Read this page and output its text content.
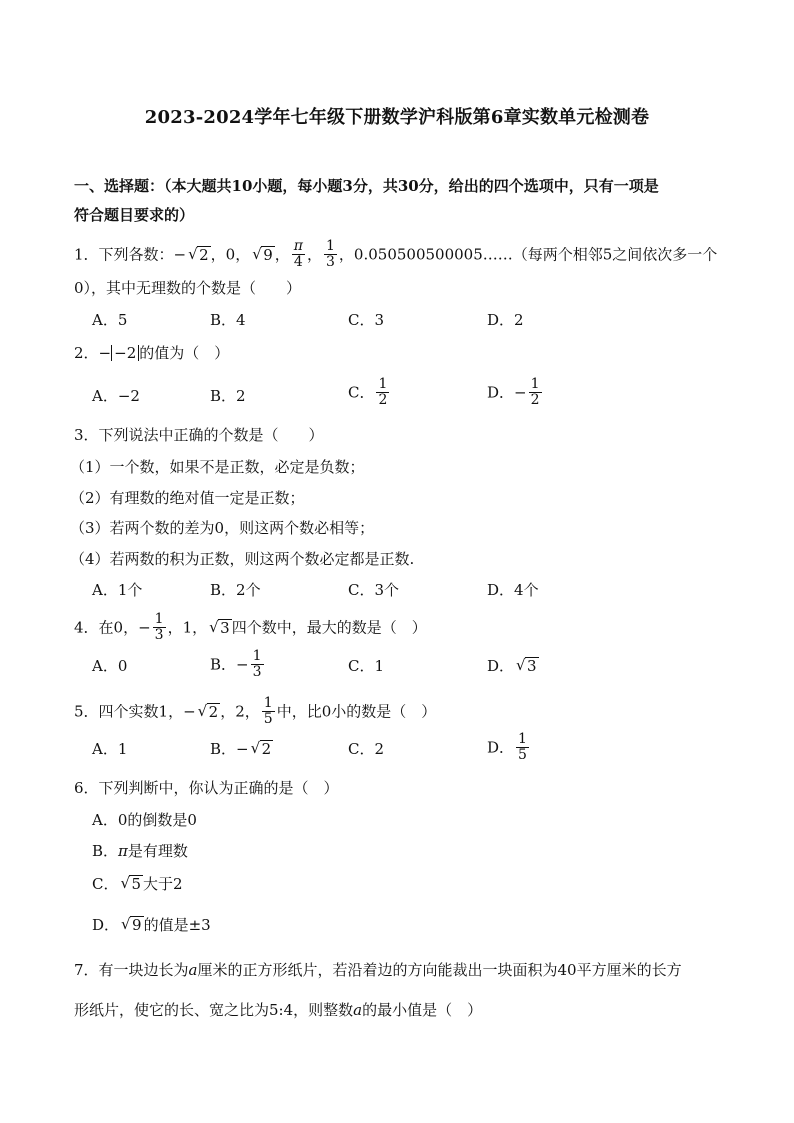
2023-2024学年七年级下册数学沪科版第6章实数单元检测卷
一、选择题：（本大题共10小题，每小题3分，共30分，给出的四个选项中，只有一项是
符合题目要求的）
1．下列各数：− √ 2 ，0， √ 9 ， $\frac{\pi}{4}$ ， $\frac{1}{3}$ ，0.050500500005……（每两个相邻5之间依次多一个
0），其中无理数的个数是（　　）
A．5	B．4	C．3	D．2
2．− −2 的值为（　）
A．−2	B．2	C． $\frac{1}{2}$	D．− $\frac{1}{2}$
3．下列说法中正确的个数是（　　）
（1）一个数，如果不是正数，必定是负数；
（2）有理数的绝对值一定是正数；
（3）若两个数的差为0，则这两个数必相等；
（4）若两数的积为正数，则这两个数必定都是正数.
A．1个	B．2个	C．3个	D．4个
4．在0，− $\frac{1}{3}$ ，1， √ 3 四个数中，最大的数是（　）
A．0	B．− $\frac{1}{3}$	C．1	D． √ 3
5．四个实数1，− √ 2 ，2， $\frac{1}{5}$ 中，比0小的数是（　）
A．1	B．− √ 2	C．2	D． $\frac{1}{5}$
6．下列判断中，你认为正确的是（　）
A．0的倒数是0
B．π是有理数
C． √ 5 大于2
D． √ 9 的值是±3
7．有一块边长为a厘米的正方形纸片，若沿着边的方向能裁出一块面积为40平方厘米的长方
形纸片，使它的长、宽之比为5:4，则整数a的最小值是（　）
